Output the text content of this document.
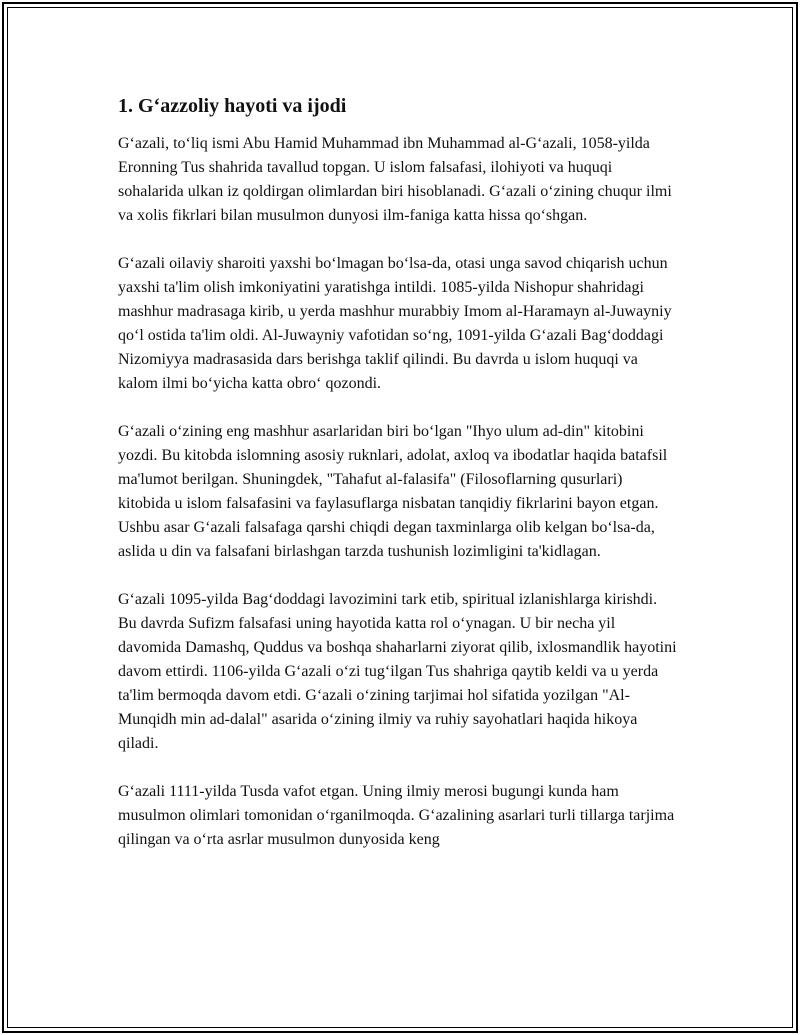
1. G‘azzoliy hayoti va ijodi

G‘azali, to‘liq ismi Abu Hamid Muhammad ibn Muhammad al-G‘azali, 1058-yilda Eronning Tus shahrida tavallud topgan. U islom falsafasi, ilohiyoti va huquqi sohalarida ulkan iz qoldirgan olimlardan biri hisoblanadi. G‘azali o‘zining chuqur ilmi va xolis fikrlari bilan musulmon dunyosi ilm-faniga katta hissa qo‘shgan.

G‘azali oilaviy sharoiti yaxshi bo‘lmagan bo‘lsa-da, otasi unga savod chiqarish uchun yaxshi ta'lim olish imkoniyatini yaratishga intildi. 1085-yilda Nishopur shahridagi mashhur madrasaga kirib, u yerda mashhur murabbiy Imom al-Haramayn al-Juwayniy qo‘l ostida ta'lim oldi. Al-Juwayniy vafotidan so‘ng, 1091-yilda G‘azali Bag‘doddagi Nizomiyya madrasasida dars berishga taklif qilindi. Bu davrda u islom huquqi va kalom ilmi bo‘yicha katta obro‘ qozondi.

G‘azali o‘zining eng mashhur asarlaridan biri bo‘lgan "Ihyo ulum ad-din" kitobini yozdi. Bu kitobda islomning asosiy ruknlari, adolat, axloq va ibodatlar haqida batafsil ma'lumot berilgan. Shuningdek, "Tahafut al-falasifa" (Filosoflarning qusurlari) kitobida u islom falsafasini va faylasuflarga nisbatan tanqidiy fikrlarini bayon etgan. Ushbu asar G‘azali falsafaga qarshi chiqdi degan taxminlarga olib kelgan bo‘lsa-da, aslida u din va falsafani birlashgan tarzda tushunish lozimligini ta'kidlagan.

G‘azali 1095-yilda Bag‘doddagi lavozimini tark etib, spiritual izlanishlarga kirishdi. Bu davrda Sufizm falsafasi uning hayotida katta rol o‘ynagan. U bir necha yil davomida Damashq, Quddus va boshqa shaharlarni ziyorat qilib, ixlosmandlik hayotini davom ettirdi. 1106-yilda G‘azali o‘zi tug‘ilgan Tus shahriga qaytib keldi va u yerda ta'lim bermoqda davom etdi. G‘azali o‘zining tarjimai hol sifatida yozilgan "Al-Munqidh min ad-dalal" asarida o‘zining ilmiy va ruhiy sayohatlari haqida hikoya qiladi.

G‘azali 1111-yilda Tusda vafot etgan. Uning ilmiy merosi bugungi kunda ham musulmon olimlari tomonidan o‘rganilmoqda. G‘azalining asarlari turli tillarga tarjima qilingan va o‘rta asrlar musulmon dunyosida keng
